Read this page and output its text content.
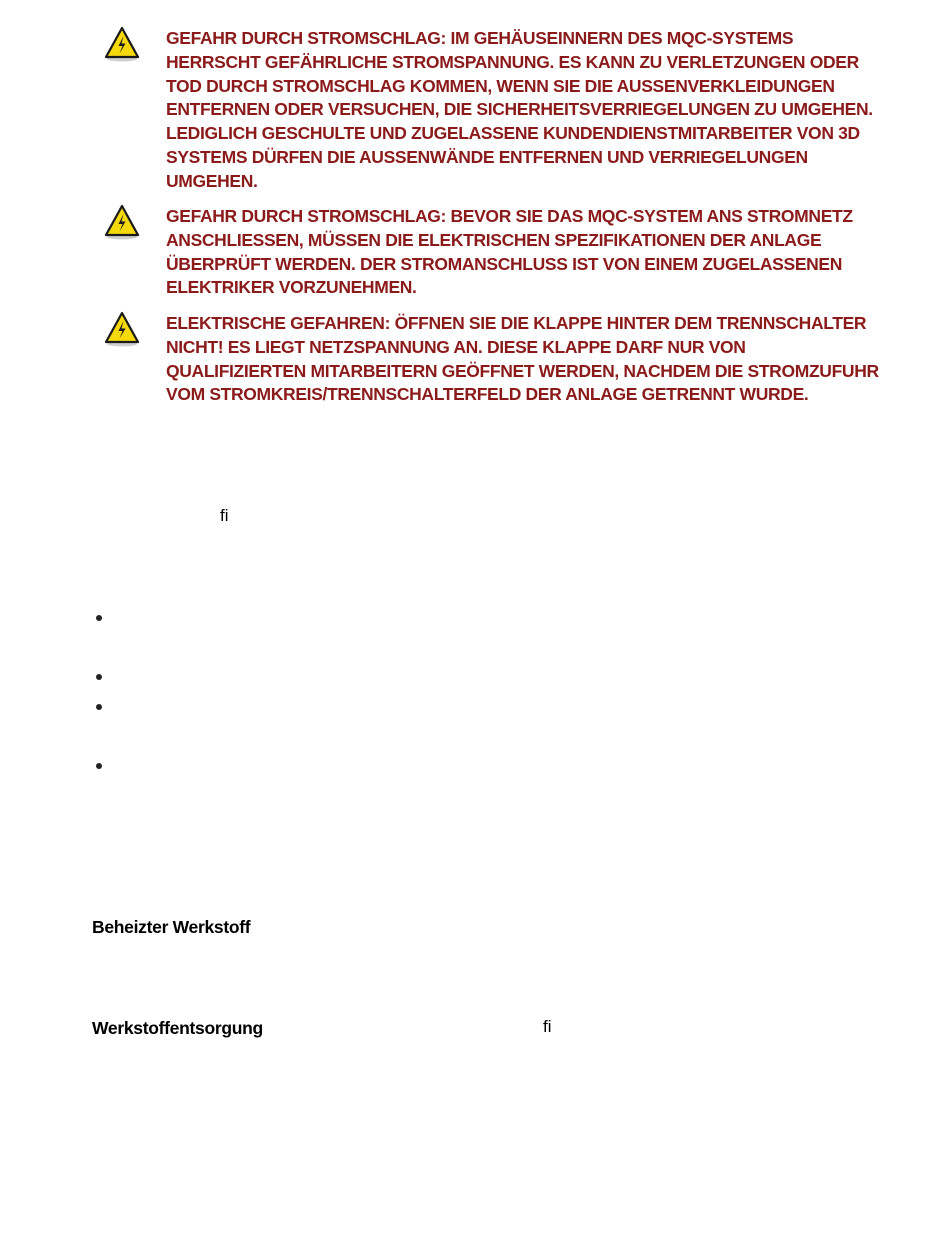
GEFAHR DURCH STROMSCHLAG: IM GEHÄUSEINNERN DES MQC-SYSTEMS HERRSCHT GEFÄHRLICHE STROMSPANNUNG. ES KANN ZU VERLETZUNGEN ODER TOD DURCH STROMSCHLAG KOMMEN, WENN SIE DIE AUSSENVERKLEIDUNGEN ENTFERNEN ODER VERSUCHEN, DIE SICHERHEITSVERRIEGELUNGEN ZU UMGEHEN. LEDIGLICH GESCHULTE UND ZUGELASSENE KUNDENDIENSTMITARBEITER VON 3D SYSTEMS DÜRFEN DIE AUSSENWÄNDE ENTFERNEN UND VERRIEGELUNGEN UMGEHEN.

GEFAHR DURCH STROMSCHLAG: BEVOR SIE DAS MQC-SYSTEM ANS STROMNETZ ANSCHLIESSEN, MÜSSEN DIE ELEKTRISCHEN SPEZIFIKATIONEN DER ANLAGE ÜBERPRÜFT WERDEN. DER STROMANSCHLUSS IST VON EINEM ZUGELASSENEN ELEKTRIKER VORZUNEHMEN.

ELEKTRISCHE GEFAHREN: ÖFFNEN SIE DIE KLAPPE HINTER DEM TRENNSCHALTER NICHT! ES LIEGT NETZSPANNUNG AN. DIESE KLAPPE DARF NUR VON QUALIFIZIERTEN MITARBEITERN GEÖFFNET WERDEN, NACHDEM DIE STROMZUFUHR VOM STROMKREIS/TRENNSCHALTERFELD DER ANLAGE GETRENNT WURDE.

ﬁ

Beheizter Werkstoff

Werkstoffentsorgung	ﬁ
